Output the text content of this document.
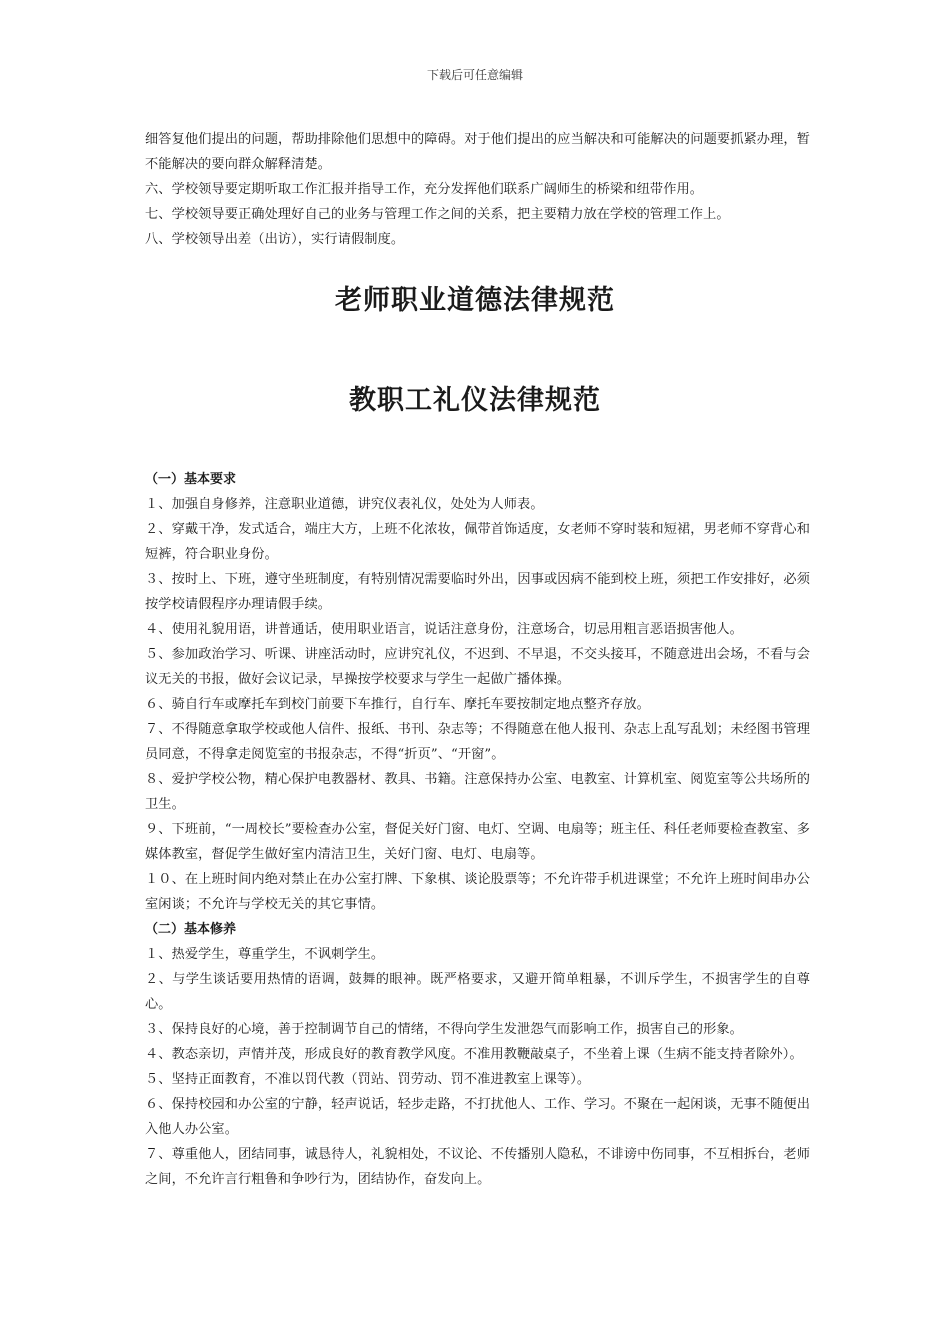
下载后可任意编辑

细答复他们提出的问题，帮助排除他们思想中的障碍。对于他们提出的应当解决和可能解决的问题要抓紧办理，暂不能解决的要向群众解释清楚。

六、学校领导要定期听取工作汇报并指导工作，充分发挥他们联系广阔师生的桥梁和纽带作用。

七、学校领导要正确处理好自己的业务与管理工作之间的关系，把主要精力放在学校的管理工作上。

八、学校领导出差（出访），实行请假制度。

老师职业道德法律规范
教职工礼仪法律规范

（一）基本要求

１、加强自身修养，注意职业道德，讲究仪表礼仪，处处为人师表。

２、穿戴干净，发式适合，端庄大方，上班不化浓妆，佩带首饰适度，女老师不穿时装和短裙，男老师不穿背心和短裤，符合职业身份。

３、按时上、下班，遵守坐班制度，有特别情况需要临时外出，因事或因病不能到校上班，须把工作安排好，必须按学校请假程序办理请假手续。

４、使用礼貌用语，讲普通话，使用职业语言，说话注意身份，注意场合，切忌用粗言恶语损害他人。

５、参加政治学习、听课、讲座活动时，应讲究礼仪，不迟到、不早退，不交头接耳，不随意进出会场，不看与会议无关的书报，做好会议记录，早操按学校要求与学生一起做广播体操。

６、骑自行车或摩托车到校门前要下车推行，自行车、摩托车要按制定地点整齐存放。

７、不得随意拿取学校或他人信件、报纸、书刊、杂志等；不得随意在他人报刊、杂志上乱写乱划；未经图书管理员同意，不得拿走阅览室的书报杂志，不得“折页”、“开窗”。

８、爱护学校公物，精心保护电教器材、教具、书籍。注意保持办公室、电教室、计算机室、阅览室等公共场所的卫生。

９、下班前，“一周校长”要检查办公室，督促关好门窗、电灯、空调、电扇等；班主任、科任老师要检查教室、多媒体教室，督促学生做好室内清洁卫生，关好门窗、电灯、电扇等。

１０、在上班时间内绝对禁止在办公室打牌、下象棋、谈论股票等；不允许带手机进课堂；不允许上班时间串办公室闲谈；不允许与学校无关的其它事情。

（二）基本修养

１、热爱学生，尊重学生，不讽刺学生。

２、与学生谈话要用热情的语调，鼓舞的眼神。既严格要求，又避开简单粗暴，不训斥学生，不损害学生的自尊心。

３、保持良好的心境，善于控制调节自己的情绪，不得向学生发泄怨气而影响工作，损害自己的形象。

４、教态亲切，声情并茂，形成良好的教育教学风度。不准用教鞭敲桌子，不坐着上课（生病不能支持者除外）。

５、坚持正面教育，不准以罚代教（罚站、罚劳动、罚不准进教室上课等）。

６、保持校园和办公室的宁静，轻声说话，轻步走路，不打扰他人、工作、学习。不聚在一起闲谈，无事不随便出入他人办公室。

７、尊重他人，团结同事，诚恳待人，礼貌相处，不议论、不传播别人隐私，不诽谤中伤同事，不互相拆台，老师之间，不允许言行粗鲁和争吵行为，团结协作，奋发向上。
